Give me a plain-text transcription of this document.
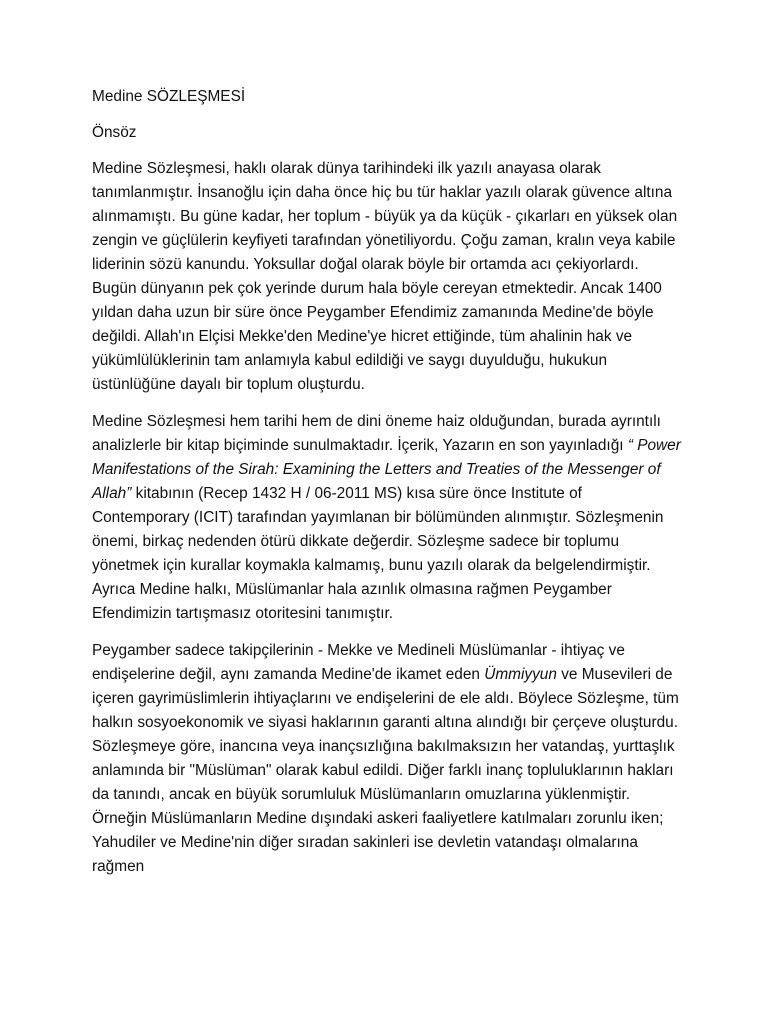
Medine SÖZLEŞMESİ

Önsöz

Medine Sözleşmesi, haklı olarak dünya tarihindeki ilk yazılı anayasa olarak tanımlanmıştır. İnsanoğlu için daha önce hiç bu tür haklar yazılı olarak güvence altına alınmamıştı. Bu güne kadar, her toplum - büyük ya da küçük - çıkarları en yüksek olan zengin ve güçlülerin keyfiyeti tarafından yönetiliyordu. Çoğu zaman, kralın veya kabile liderinin sözü kanundu. Yoksullar doğal olarak böyle bir ortamda acı çekiyorlardı. Bugün dünyanın pek çok yerinde durum hala böyle cereyan etmektedir. Ancak 1400 yıldan daha uzun bir süre önce Peygamber Efendimiz zamanında Medine'de böyle değildi. Allah'ın Elçisi Mekke'den Medine'ye hicret ettiğinde, tüm ahalinin hak ve yükümlülüklerinin tam anlamıyla kabul edildiği ve saygı duyulduğu, hukukun üstünlüğüne dayalı bir toplum oluşturdu.

Medine Sözleşmesi hem tarihi hem de dini öneme haiz olduğundan, burada ayrıntılı analizlerle bir kitap biçiminde sunulmaktadır. İçerik, Yazarın en son yayınladığı “ Power Manifestations of the Sirah: Examining the Letters and Treaties of the Messenger of Allah” kitabının (Recep 1432 H / 06-2011 MS) kısa süre önce Institute of Contemporary (ICIT) tarafından yayımlanan bir bölümünden alınmıştır. Sözleşmenin önemi, birkaç nedenden ötürü dikkate değerdir. Sözleşme sadece bir toplumu yönetmek için kurallar koymakla kalmamış, bunu yazılı olarak da belgelendirmiştir. Ayrıca Medine halkı, Müslümanlar hala azınlık olmasına rağmen Peygamber Efendimizin tartışmasız otoritesini tanımıştır.

Peygamber sadece takipçilerinin - Mekke ve Medineli Müslümanlar - ihtiyaç ve endişelerine değil, aynı zamanda Medine'de ikamet eden Ümmiyyun ve Musevileri de içeren gayrimüslimlerin ihtiyaçlarını ve endişelerini de ele aldı. Böylece Sözleşme, tüm halkın sosyoekonomik ve siyasi haklarının garanti altına alındığı bir çerçeve oluşturdu. Sözleşmeye göre, inancına veya inançsızlığına bakılmaksızın her vatandaş, yurttaşlık anlamında bir "Müslüman" olarak kabul edildi. Diğer farklı inanç topluluklarının hakları da tanındı, ancak en büyük sorumluluk Müslümanların omuzlarına yüklenmiştir. Örneğin Müslümanların Medine dışındaki askeri faaliyetlere katılmaları zorunlu iken; Yahudiler ve Medine'nin diğer sıradan sakinleri ise devletin vatandaşı olmalarına rağmen
